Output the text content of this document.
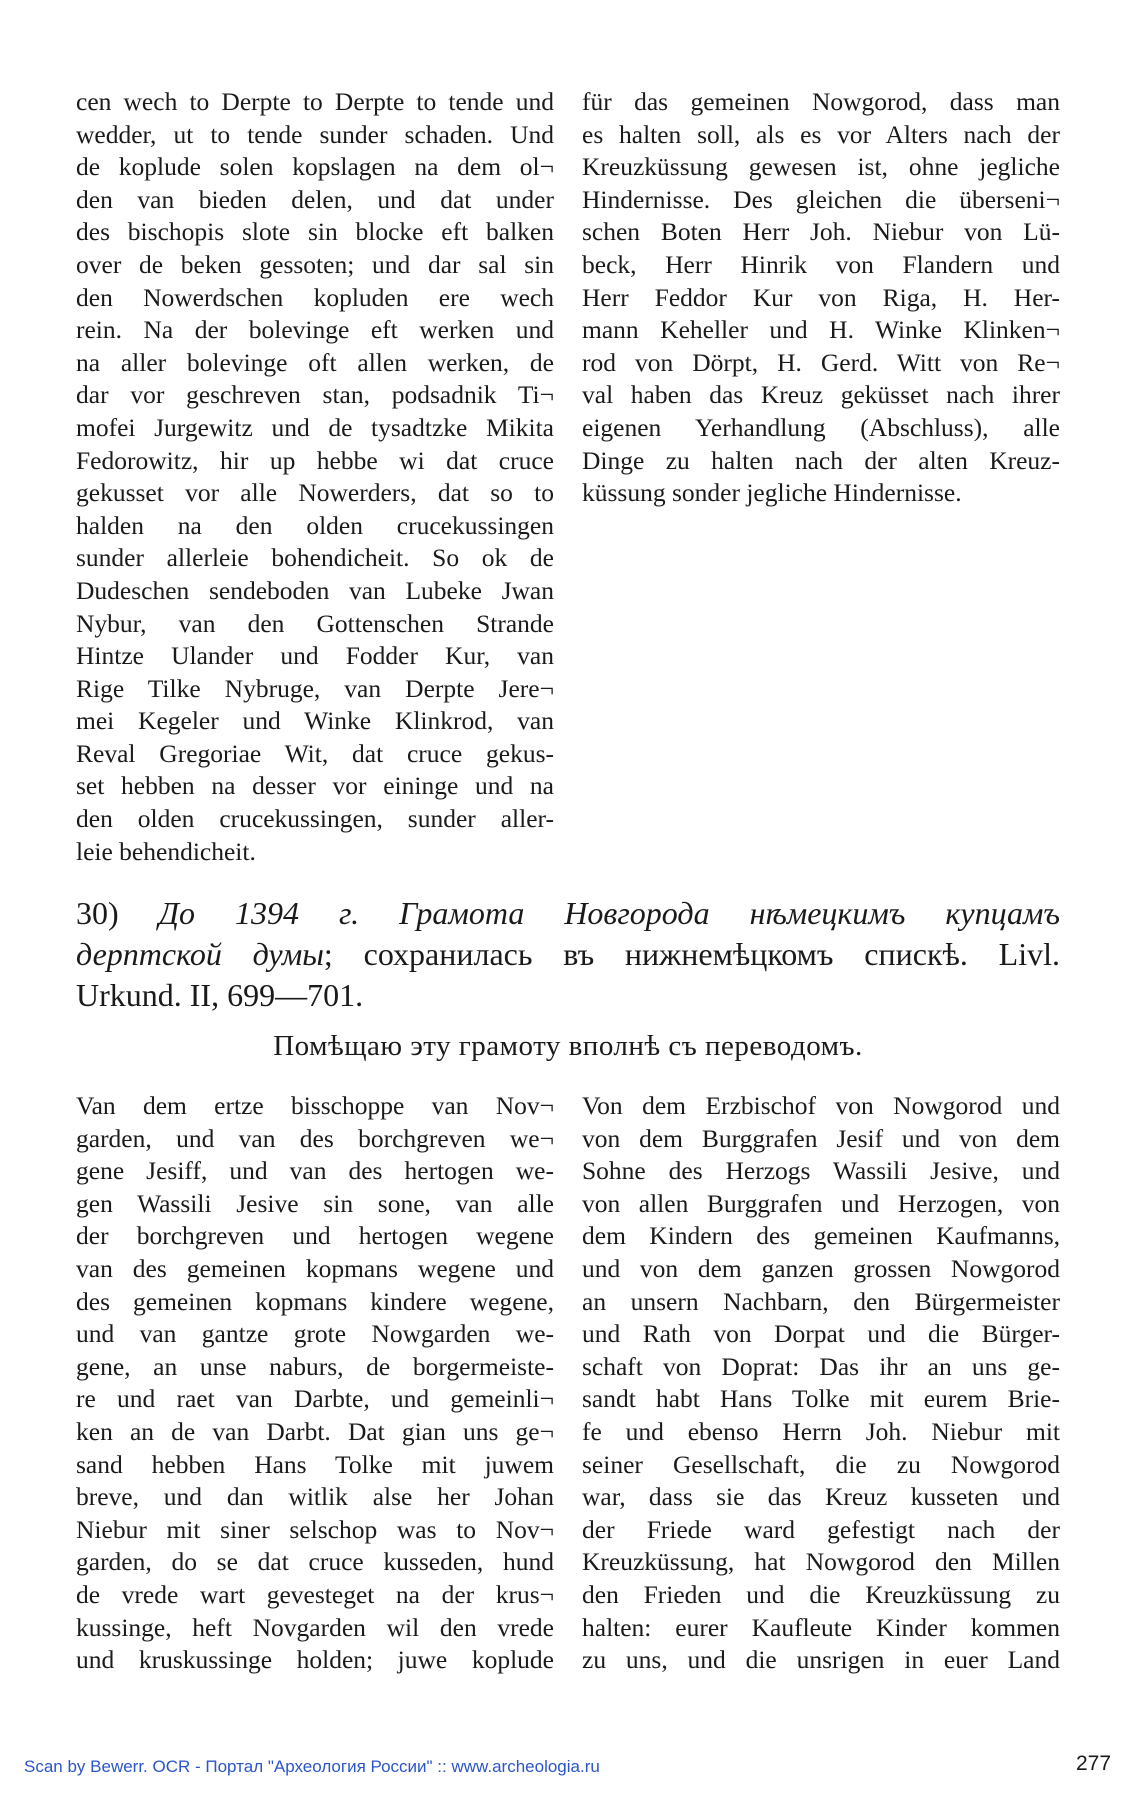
cen wech to Derpte to Derpte to tende und
wedder, ut to tende sunder schaden. Und
de koplude solen kopslagen na dem ol¬
den van bieden delen, und dat under
des bischopis slote sin blocke eft balken
over de beken gessoten; und dar sal sin
den Nowerdschen kopluden ere wech
rein. Na der bolevinge eft werken und
na aller bolevinge oft allen werken, de
dar vor geschreven stan, podsadnik Ti¬
mofei Jurgewitz und de tysadtzke Mikita
Fedorowitz, hir up hebbe wi dat cruce
gekusset vor alle Nowerders, dat so to
halden na den olden crucekussingen
sunder allerleie bohendicheit. So ok de
Dudeschen sendeboden van Lubeke Jwan
Nybur, van den Gottenschen Strande
Hintze Ulander und Fodder Kur, van
Rige Tilke Nybruge, van Derpte Jere¬
mei Kegeler und Winke Klinkrod, van
Reval Gregoriae Wit, dat cruce gekus-
set hebben na desser vor eininge und na
den olden crucekussingen, sunder aller-
leie behendicheit.
für das gemeinen Nowgorod, dass man
es halten soll, als es vor Alters nach der
Kreuzküssung gewesen ist, ohne jegliche
Hindernisse. Des gleichen die überseni¬
schen Boten Herr Joh. Niebur von Lü-
beck, Herr Hinrik von Flandern und
Herr Feddor Kur von Riga, H. Her-
mann Keheller und H. Winke Klinken¬
rod von Dörpt, H. Gerd. Witt von Re¬
val haben das Kreuz geküsset nach ihrer
eigenen Yerhandlung (Abschluss), alle
Dinge zu halten nach der alten Kreuz-
küssung sonder jegliche Hindernisse.
30) До 1394 г. Грамота Новгорода нѣмецкимъ купцамъ
дерптской думы; сохранилась въ нижнемѣцкомъ спискѣ. Livl.
Urkund. II, 699—701.
Помѣщаю эту грамоту вполнѣ съ переводомъ.
Van dem ertze bisschoppe van Nov¬
garden, und van des borchgreven we¬
gene Jesiff, und van des hertogen we-
gen Wassili Jesive sin sone, van alle
der borchgreven und hertogen wegene
van des gemeinen kopmans wegene und
des gemeinen kopmans kindere wegene,
und van gantze grote Nowgarden we-
gene, an unse naburs, de borgermeiste-
re und raet van Darbte, und gemeinli¬
ken an de van Darbt. Dat gian uns ge¬
sand hebben Hans Tolke mit juwem
breve, und dan witlik alse her Johan
Niebur mit siner selschop was to Nov¬
garden, do se dat cruce kusseden, hund
de vrede wart gevesteget na der krus¬
kussinge, heft Novgarden wil den vrede
und kruskussinge holden; juwe koplude
Von dem Erzbischof von Nowgorod und
von dem Burggrafen Jesif und von dem
Sohne des Herzogs Wassili Jesive, und
von allen Burggrafen und Herzogen, von
dem Kindern des gemeinen Kaufmanns,
und von dem ganzen grossen Nowgorod
an unsern Nachbarn, den Bürgermeister
und Rath von Dorpat und die Bürger-
schaft von Doprat: Das ihr an uns ge-
sandt habt Hans Tolke mit eurem Brie-
fe und ebenso Herrn Joh. Niebur mit
seiner Gesellschaft, die zu Nowgorod
war, dass sie das Kreuz kusseten und
der Friede ward gefestigt nach der
Kreuzküssung, hat Nowgorod den Millen
den Frieden und die Kreuzküssung zu
halten: eurer Kaufleute Kinder kommen
zu uns, und die unsrigen in euer Land
Scan by Bewerr. OCR - Портал "Археология России" :: www.archeologia.ru	277
